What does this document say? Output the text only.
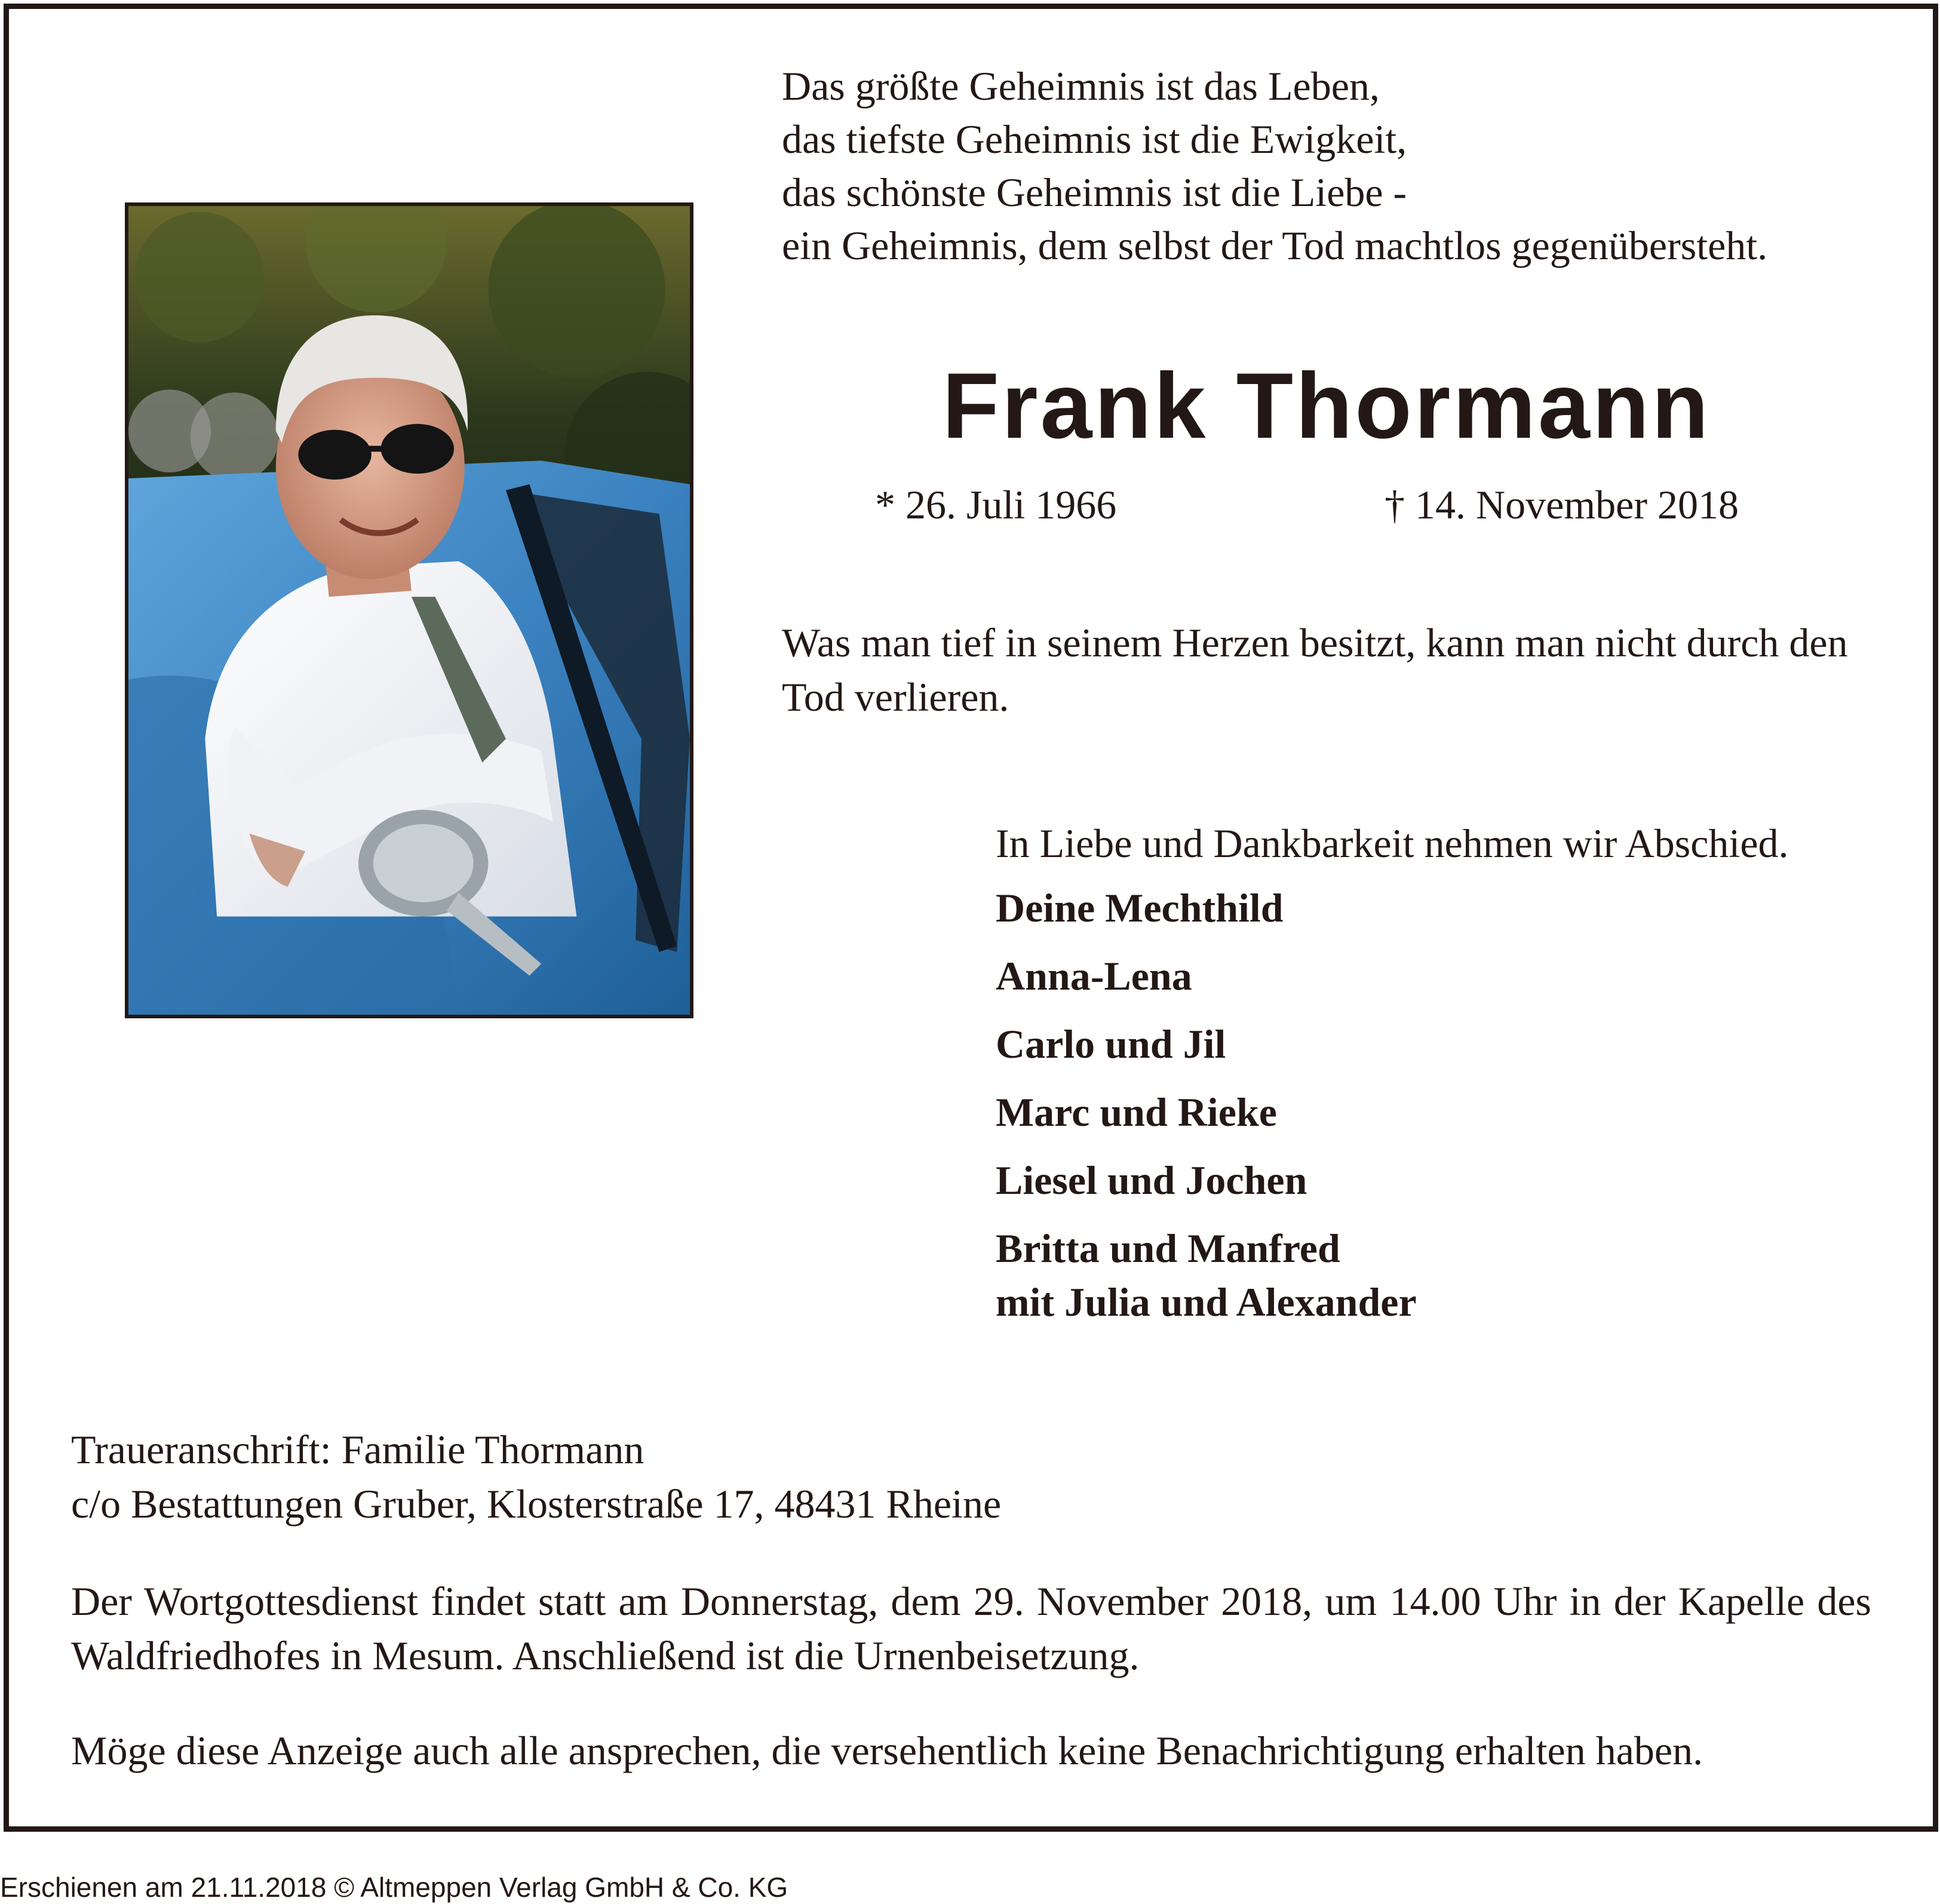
Das größte Geheimnis ist das Leben,
das tiefste Geheimnis ist die Ewigkeit,
das schönste Geheimnis ist die Liebe -
ein Geheimnis, dem selbst der Tod machtlos gegenübersteht.
Frank Thormann
* 26. Juli 1966	† 14. November 2018
Was man tief in seinem Herzen besitzt, kann man nicht durch den Tod verlieren.
In Liebe und Dankbarkeit nehmen wir Abschied.
Deine Mechthild
Anna-Lena
Carlo und Jil
Marc und Rieke
Liesel und Jochen
Britta und Manfred
mit Julia und Alexander
Traueranschrift: Familie Thormann
c/o Bestattungen Gruber, Klosterstraße 17, 48431 Rheine
Der Wortgottesdienst findet statt am Donnerstag, dem 29. November 2018, um 14.00 Uhr in der Kapelle des Waldfriedhofes in Mesum. Anschließend ist die Urnenbeisetzung.
Möge diese Anzeige auch alle ansprechen, die versehentlich keine Benachrichtigung erhalten haben.
Erschienen am 21.11.2018 © Altmeppen Verlag GmbH & Co. KG
